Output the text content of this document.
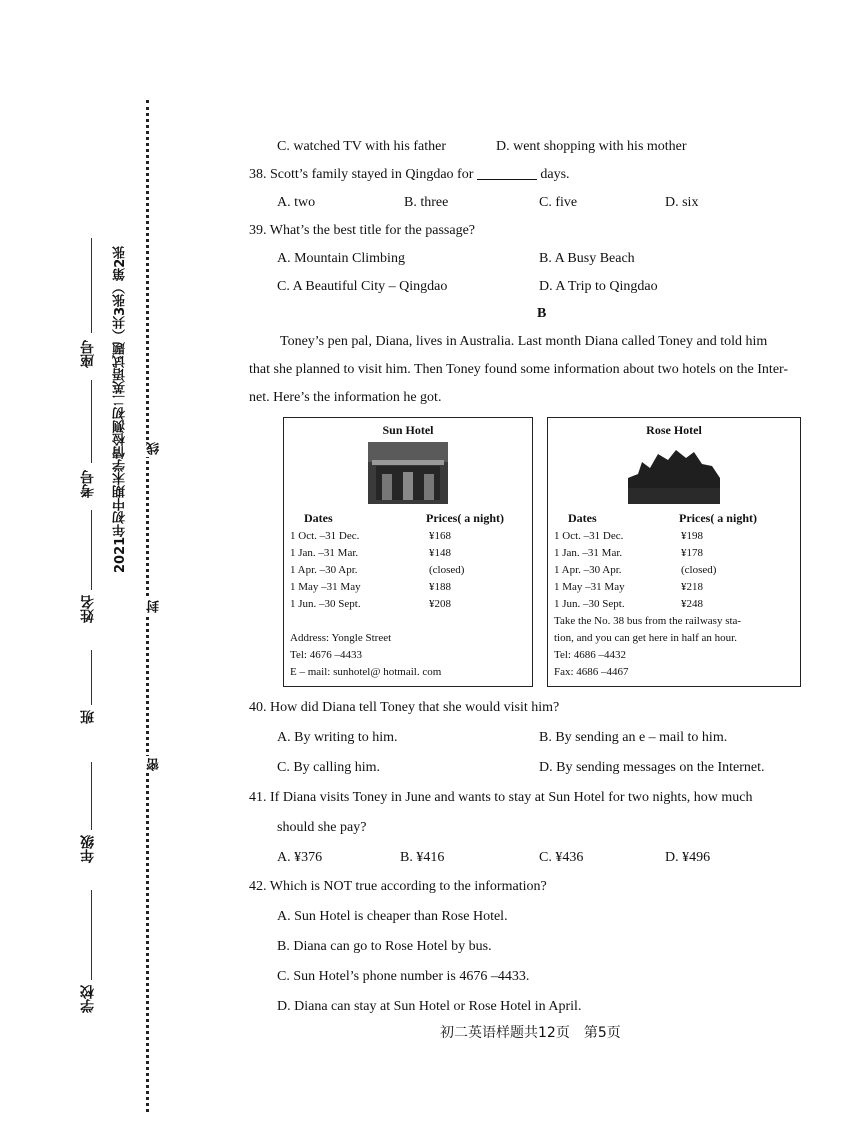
座号
考号
姓名
班
年级
学校
2021年初中期末学情检测初二英语试题（共3张）第2张 线
封
密
C. watched TV with his father	D. went shopping with his mother
38. Scott’s family stayed in Qingdao for	days.
A. two	B. three	C. five	D. six
39. What’s the best title for the passage?
A. Mountain Climbing	B. A Busy Beach
C. A Beautiful City – Qingdao	D. A Trip to Qingdao
B
Toney’s pen pal, Diana, lives in Australia. Last month Diana called Toney and told him
that she planned to visit him. Then Toney found some information about two hotels on the Inter-
net. Here’s the information he got.
Sun Hotel
Dates	Prices( a night)
1 Oct. –31 Dec.	¥168
1 Jan. –31 Mar.	¥148
1 Apr. –30 Apr.	(closed)
1 May –31 May	¥188
1 Jun. –30 Sept.	¥208
Address: Yongle Street
Tel: 4676 –4433
E – mail: sunhotel@ hotmail. com
Rose Hotel
Dates	Prices( a night)
1 Oct. –31 Dec.	¥198
1 Jan. –31 Mar.	¥178
1 Apr. –30 Apr.	(closed)
1 May –31 May	¥218
1 Jun. –30 Sept.	¥248
Take the No. 38 bus from the railwasy sta-
tion, and you can get here in half an hour.
Tel: 4686 –4432
Fax: 4686 –4467
40. How did Diana tell Toney that she would visit him?
A. By writing to him.	B. By sending an e – mail to him.
C. By calling him.	D. By sending messages on the Internet.
41. If Diana visits Toney in June and wants to stay at Sun Hotel for two nights, how much
should she pay?
A. ¥376	B. ¥416	C. ¥436	D. ¥496
42. Which is NOT true according to the information?
A. Sun Hotel is cheaper than Rose Hotel.
B. Diana can go to Rose Hotel by bus.
C. Sun Hotel’s phone number is 4676 –4433.
D. Diana can stay at Sun Hotel or Rose Hotel in April.
初二英语样题共12页　第5页
